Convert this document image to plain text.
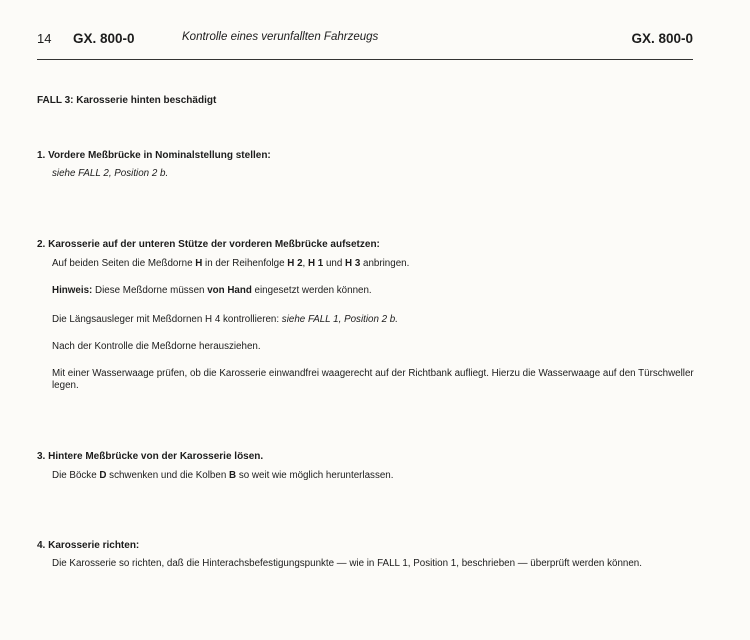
14 GX. 800-0	Kontrolle eines verunfallten Fahrzeugs	GX. 800-0
FALL 3: Karosserie hinten beschädigt
1. Vordere Meßbrücke in Nominalstellung stellen:
siehe FALL 2, Position 2 b.
2. Karosserie auf der unteren Stütze der vorderen Meßbrücke aufsetzen:
Auf beiden Seiten die Meßdorne H in der Reihenfolge H 2, H 1 und H 3 anbringen.
Hinweis: Diese Meßdorne müssen von Hand eingesetzt werden können.
Die Längsausleger mit Meßdornen H 4 kontrollieren: siehe FALL 1, Position 2 b.
Nach der Kontrolle die Meßdorne herausziehen.
Mit einer Wasserwaage prüfen, ob die Karosserie einwandfrei waagerecht auf der Richtbank aufliegt. Hierzu die Wasserwaage auf den Türschweller legen.
3. Hintere Meßbrücke von der Karosserie lösen.
Die Böcke D schwenken und die Kolben B so weit wie möglich herunterlassen.
4. Karosserie richten:
Die Karosserie so richten, daß die Hinterachsbefestigungspunkte — wie in FALL 1, Position 1, beschrieben — überprüft werden können.
